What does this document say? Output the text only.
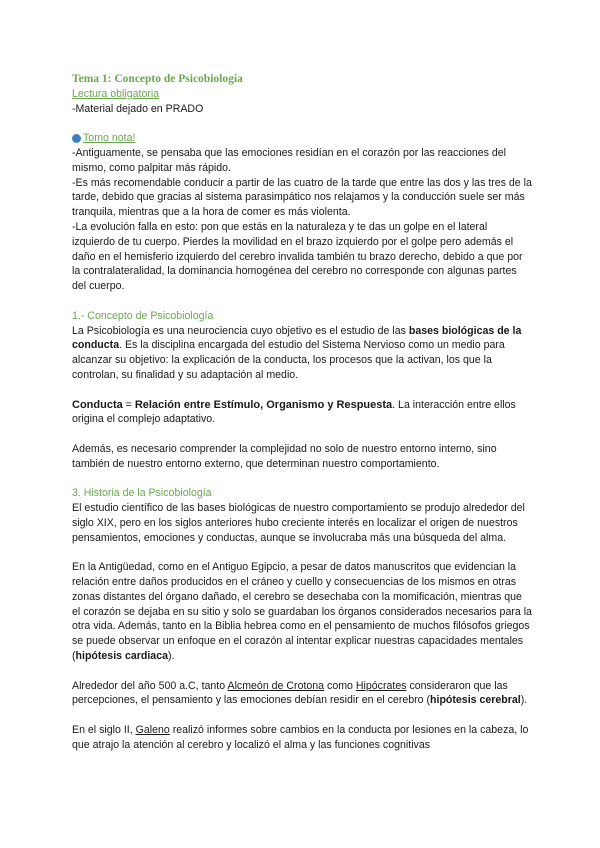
Tema 1: Concepto de Psicobiología

Lectura obligatoria

-Material dejado en PRADO

Tomo nota!

-Antiguamente, se pensaba que las emociones residían en el corazón por las reacciones del mismo, como palpitar más rápido.

-Es más recomendable conducir a partir de las cuatro de la tarde que entre las dos y las tres de la tarde, debido que gracias al sistema parasimpático nos relajamos y la conducción suele ser más tranquila, mientras que a la hora de comer es más violenta.

-La evolución falla en esto: pon que estás en la naturaleza y te das un golpe en el lateral izquierdo de tu cuerpo. Pierdes la movilidad en el brazo izquierdo por el golpe pero además el daño en el hemisferio izquierdo del cerebro invalida también tu brazo derecho, debido a que por la contralateralidad, la dominancia homogénea del cerebro no corresponde con algunas partes del cuerpo.

1.- Concepto de Psicobiología

La Psicobiología es una neurociencia cuyo objetivo es el estudio de las bases biológicas de la conducta. Es la disciplina encargada del estudio del Sistema Nervioso como un medio para alcanzar su objetivo: la explicación de la conducta, los procesos que la activan, los que la controlan, su finalidad y su adaptación al medio.

Conducta = Relación entre Estímulo, Organismo y Respuesta. La interacción entre ellos origina el complejo adaptativo.

Además, es necesario comprender la complejidad no solo de nuestro entorno interno, sino también de nuestro entorno externo, que determinan nuestro comportamiento.

3. Historia de la Psicobiología

El estudio científico de las bases biológicas de nuestro comportamiento se produjo alrededor del siglo XIX, pero en los siglos anteriores hubo creciente interés en localizar el origen de nuestros pensamientos, emociones y conductas, aunque se involucraba más una búsqueda del alma.

En la Antigüedad, como en el Antiguo Egipcio, a pesar de datos manuscritos que evidencian la relación entre daños producidos en el cráneo y cuello y consecuencias de los mismos en otras zonas distantes del órgano dañado, el cerebro se desechaba con la momificación, mientras que el corazón se dejaba en su sitio y solo se guardaban los órganos considerados necesarios para la otra vida. Además, tanto en la Biblia hebrea como en el pensamiento de muchos filósofos griegos se puede observar un enfoque en el corazón al intentar explicar nuestras capacidades mentales (hipótesis cardiaca).

Alrededor del año 500 a.C, tanto Alcmeón de Crotona como Hipócrates consideraron que las percepciones, el pensamiento y las emociones debían residir en el cerebro (hipótesis cerebral).

En el siglo II, Galeno realizó informes sobre cambios en la conducta por lesiones en la cabeza, lo que atrajo la atención al cerebro y localizó el alma y las funciones cognitivas
